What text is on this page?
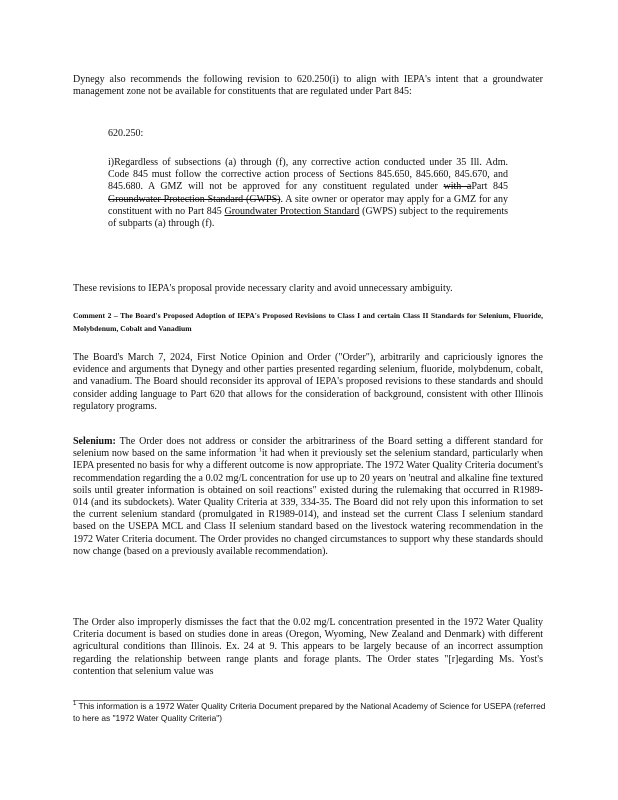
Dynegy also recommends the following revision to 620.250(i) to align with IEPA's intent that a groundwater management zone not be available for constituents that are regulated under Part 845:

620.250:

i)Regardless of subsections (a) through (f), any corrective action conducted under 35 Ill. Adm. Code 845 must follow the corrective action process of Sections 845.650, 845.660, 845.670, and 845.680. A GMZ will not be approved for any constituent regulated under with aPart 845 Groundwater Protection Standard (GWPS). A site owner or operator may apply for a GMZ for any constituent with no Part 845 Groundwater Protection Standard (GWPS) subject to the requirements of subparts (a) through (f).

These revisions to IEPA's proposal provide necessary clarity and avoid unnecessary ambiguity.

Comment 2 – The Board's Proposed Adoption of IEPA's Proposed Revisions to Class I and certain Class II Standards for Selenium, Fluoride, Molybdenum, Cobalt and Vanadium

The Board's March 7, 2024, First Notice Opinion and Order ("Order"), arbitrarily and capriciously ignores the evidence and arguments that Dynegy and other parties presented regarding selenium, fluoride, molybdenum, cobalt, and vanadium. The Board should reconsider its approval of IEPA's proposed revisions to these standards and should consider adding language to Part 620 that allows for the consideration of background, consistent with other Illinois regulatory programs.

Selenium: The Order does not address or consider the arbitrariness of the Board setting a different standard for selenium now based on the same information $^1$it had when it previously set the selenium standard, particularly when IEPA presented no basis for why a different outcome is now appropriate. The 1972 Water Quality Criteria document's recommendation regarding the a 0.02 mg/L concentration for use up to 20 years on 'neutral and alkaline fine textured soils until greater information is obtained on soil reactions" existed during the rulemaking that occurred in R1989-014 (and its subdockets). Water Quality Criteria at 339, 334-35. The Board did not rely upon this information to set the current selenium standard (promulgated in R1989-014), and instead set the current Class I selenium standard based on the USEPA MCL and Class II selenium standard based on the livestock watering recommendation in the 1972 Water Criteria document. The Order provides no changed circumstances to support why these standards should now change (based on a previously available recommendation).

The Order also improperly dismisses the fact that the 0.02 mg/L concentration presented in the 1972 Water Quality Criteria document is based on studies done in areas (Oregon, Wyoming, New Zealand and Denmark) with different agricultural conditions than Illinois. Ex. 24 at 9. This appears to be largely because of an incorrect assumption regarding the relationship between range plants and forage plants. The Order states "[r]egarding Ms. Yost's contention that selenium value was

$^1$ This information is a 1972 Water Quality Criteria Document prepared by the National Academy of Science for USEPA (referred to here as "1972 Water Quality Criteria")
